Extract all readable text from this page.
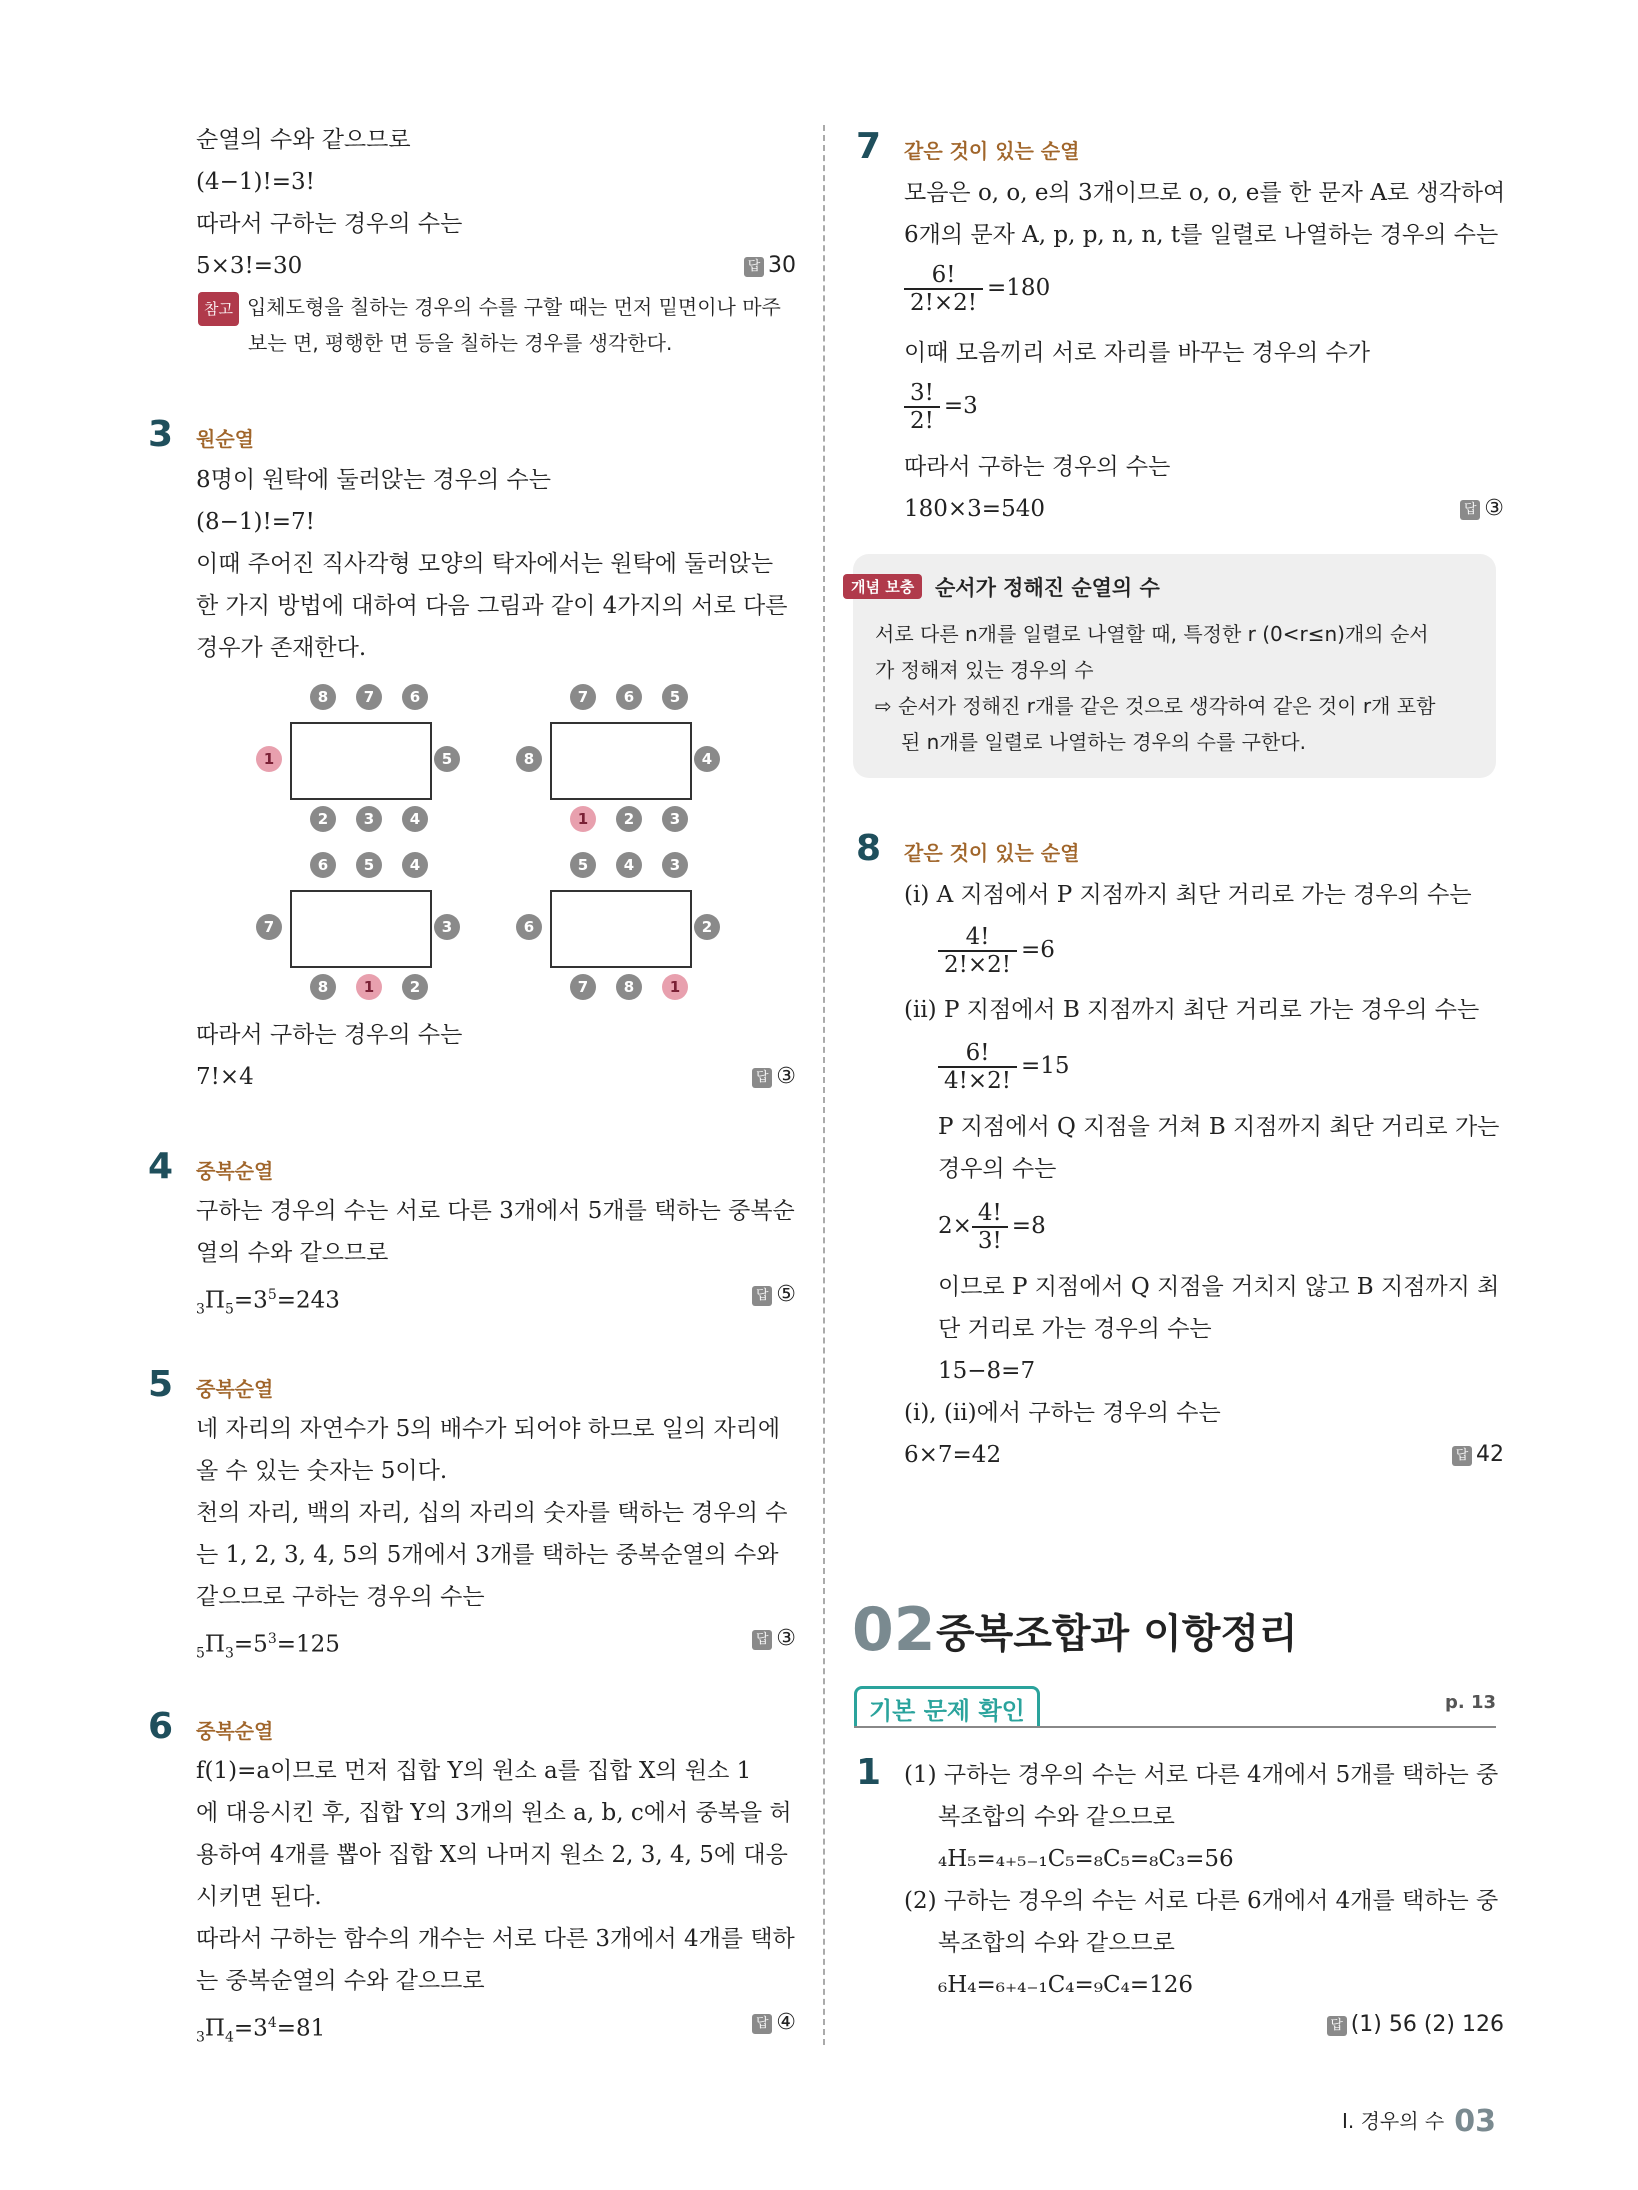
순열의 수와 같으므로
(4−1)!=3!
따라서 구하는 경우의 수는
5×3!=30	답 30
참고 입체도형을 칠하는 경우의 수를 구할 때는 먼저 밑면이나 마주
보는 면, 평행한 면 등을 칠하는 경우를 생각한다.
3 원순열
8명이 원탁에 둘러앉는 경우의 수는
(8−1)!=7!
이때 주어진 직사각형 모양의 탁자에서는 원탁에 둘러앉는
한 가지 방법에 대하여 다음 그림과 같이 4가지의 서로 다른
경우가 존재한다.
8	7	6
2	3	4
1	5
7	6	5
1	2	3
8	4
6	5	4
8	1	2
7	3
5	4	3
7	8	1
6	2
따라서 구하는 경우의 수는
7!×4	답 ③
4 중복순열
구하는 경우의 수는 서로 다른 3개에서 5개를 택하는 중복순
열의 수와 같으므로
$_3\Pi_5=3^5=243$	답 ⑤
5 중복순열
네 자리의 자연수가 5의 배수가 되어야 하므로 일의 자리에
올 수 있는 숫자는 5이다.
천의 자리, 백의 자리, 십의 자리의 숫자를 택하는 경우의 수
는 1, 2, 3, 4, 5의 5개에서 3개를 택하는 중복순열의 수와
같으므로 구하는 경우의 수는
$_5\Pi_3=5^3=125$	답 ③
6 중복순열
f(1)=a이므로 먼저 집합 Y의 원소 a를 집합 X의 원소 1
에 대응시킨 후, 집합 Y의 3개의 원소 a, b, c에서 중복을 허
용하여 4개를 뽑아 집합 X의 나머지 원소 2, 3, 4, 5에 대응
시키면 된다.
따라서 구하는 함수의 개수는 서로 다른 3개에서 4개를 택하
는 중복순열의 수와 같으므로
$_3\Pi_4=3^4=81$	답 ④
7 같은 것이 있는 순열
모음은 o, o, e의 3개이므로 o, o, e를 한 문자 A로 생각하여
6개의 문자 A, p, p, n, n, t를 일렬로 나열하는 경우의 수는
$\frac{6!}{2!\times 2!} =180$
이때 모음끼리 서로 자리를 바꾸는 경우의 수가
$\frac{3!}{2!} =3$
따라서 구하는 경우의 수는
180×3=540	답 ③
개념 보충 순서가 정해진 순열의 수
서로 다른 n개를 일렬로 나열할 때, 특정한 r (0<r≤n)개의 순서
가 정해져 있는 경우의 수
⇨ 순서가 정해진 r개를 같은 것으로 생각하여 같은 것이 r개 포함
된 n개를 일렬로 나열하는 경우의 수를 구한다.
8 같은 것이 있는 순열
(i) A 지점에서 P 지점까지 최단 거리로 가는 경우의 수는
$\frac{4!}{2!\times 2!} =6$
(ii) P 지점에서 B 지점까지 최단 거리로 가는 경우의 수는
$\frac{6!}{4!\times 2!} =15$
P 지점에서 Q 지점을 거쳐 B 지점까지 최단 거리로 가는
경우의 수는
$2\times \frac{4!}{3!} =8$
이므로 P 지점에서 Q 지점을 거치지 않고 B 지점까지 최
단 거리로 가는 경우의 수는
15−8=7
(i), (ii)에서 구하는 경우의 수는
6×7=42	답 42
02 중복조합과 이항정리
기본 문제 확인	p. 13
1 (1) 구하는 경우의 수는 서로 다른 4개에서 5개를 택하는 중
복조합의 수와 같으므로
₄H₅=₄₊₅₋₁C₅=₈C₅=₈C₃=56
(2) 구하는 경우의 수는 서로 다른 6개에서 4개를 택하는 중
복조합의 수와 같으므로
₆H₄=₆₊₄₋₁C₄=₉C₄=126
답 (1) 56 (2) 126
Ⅰ. 경우의 수 03
